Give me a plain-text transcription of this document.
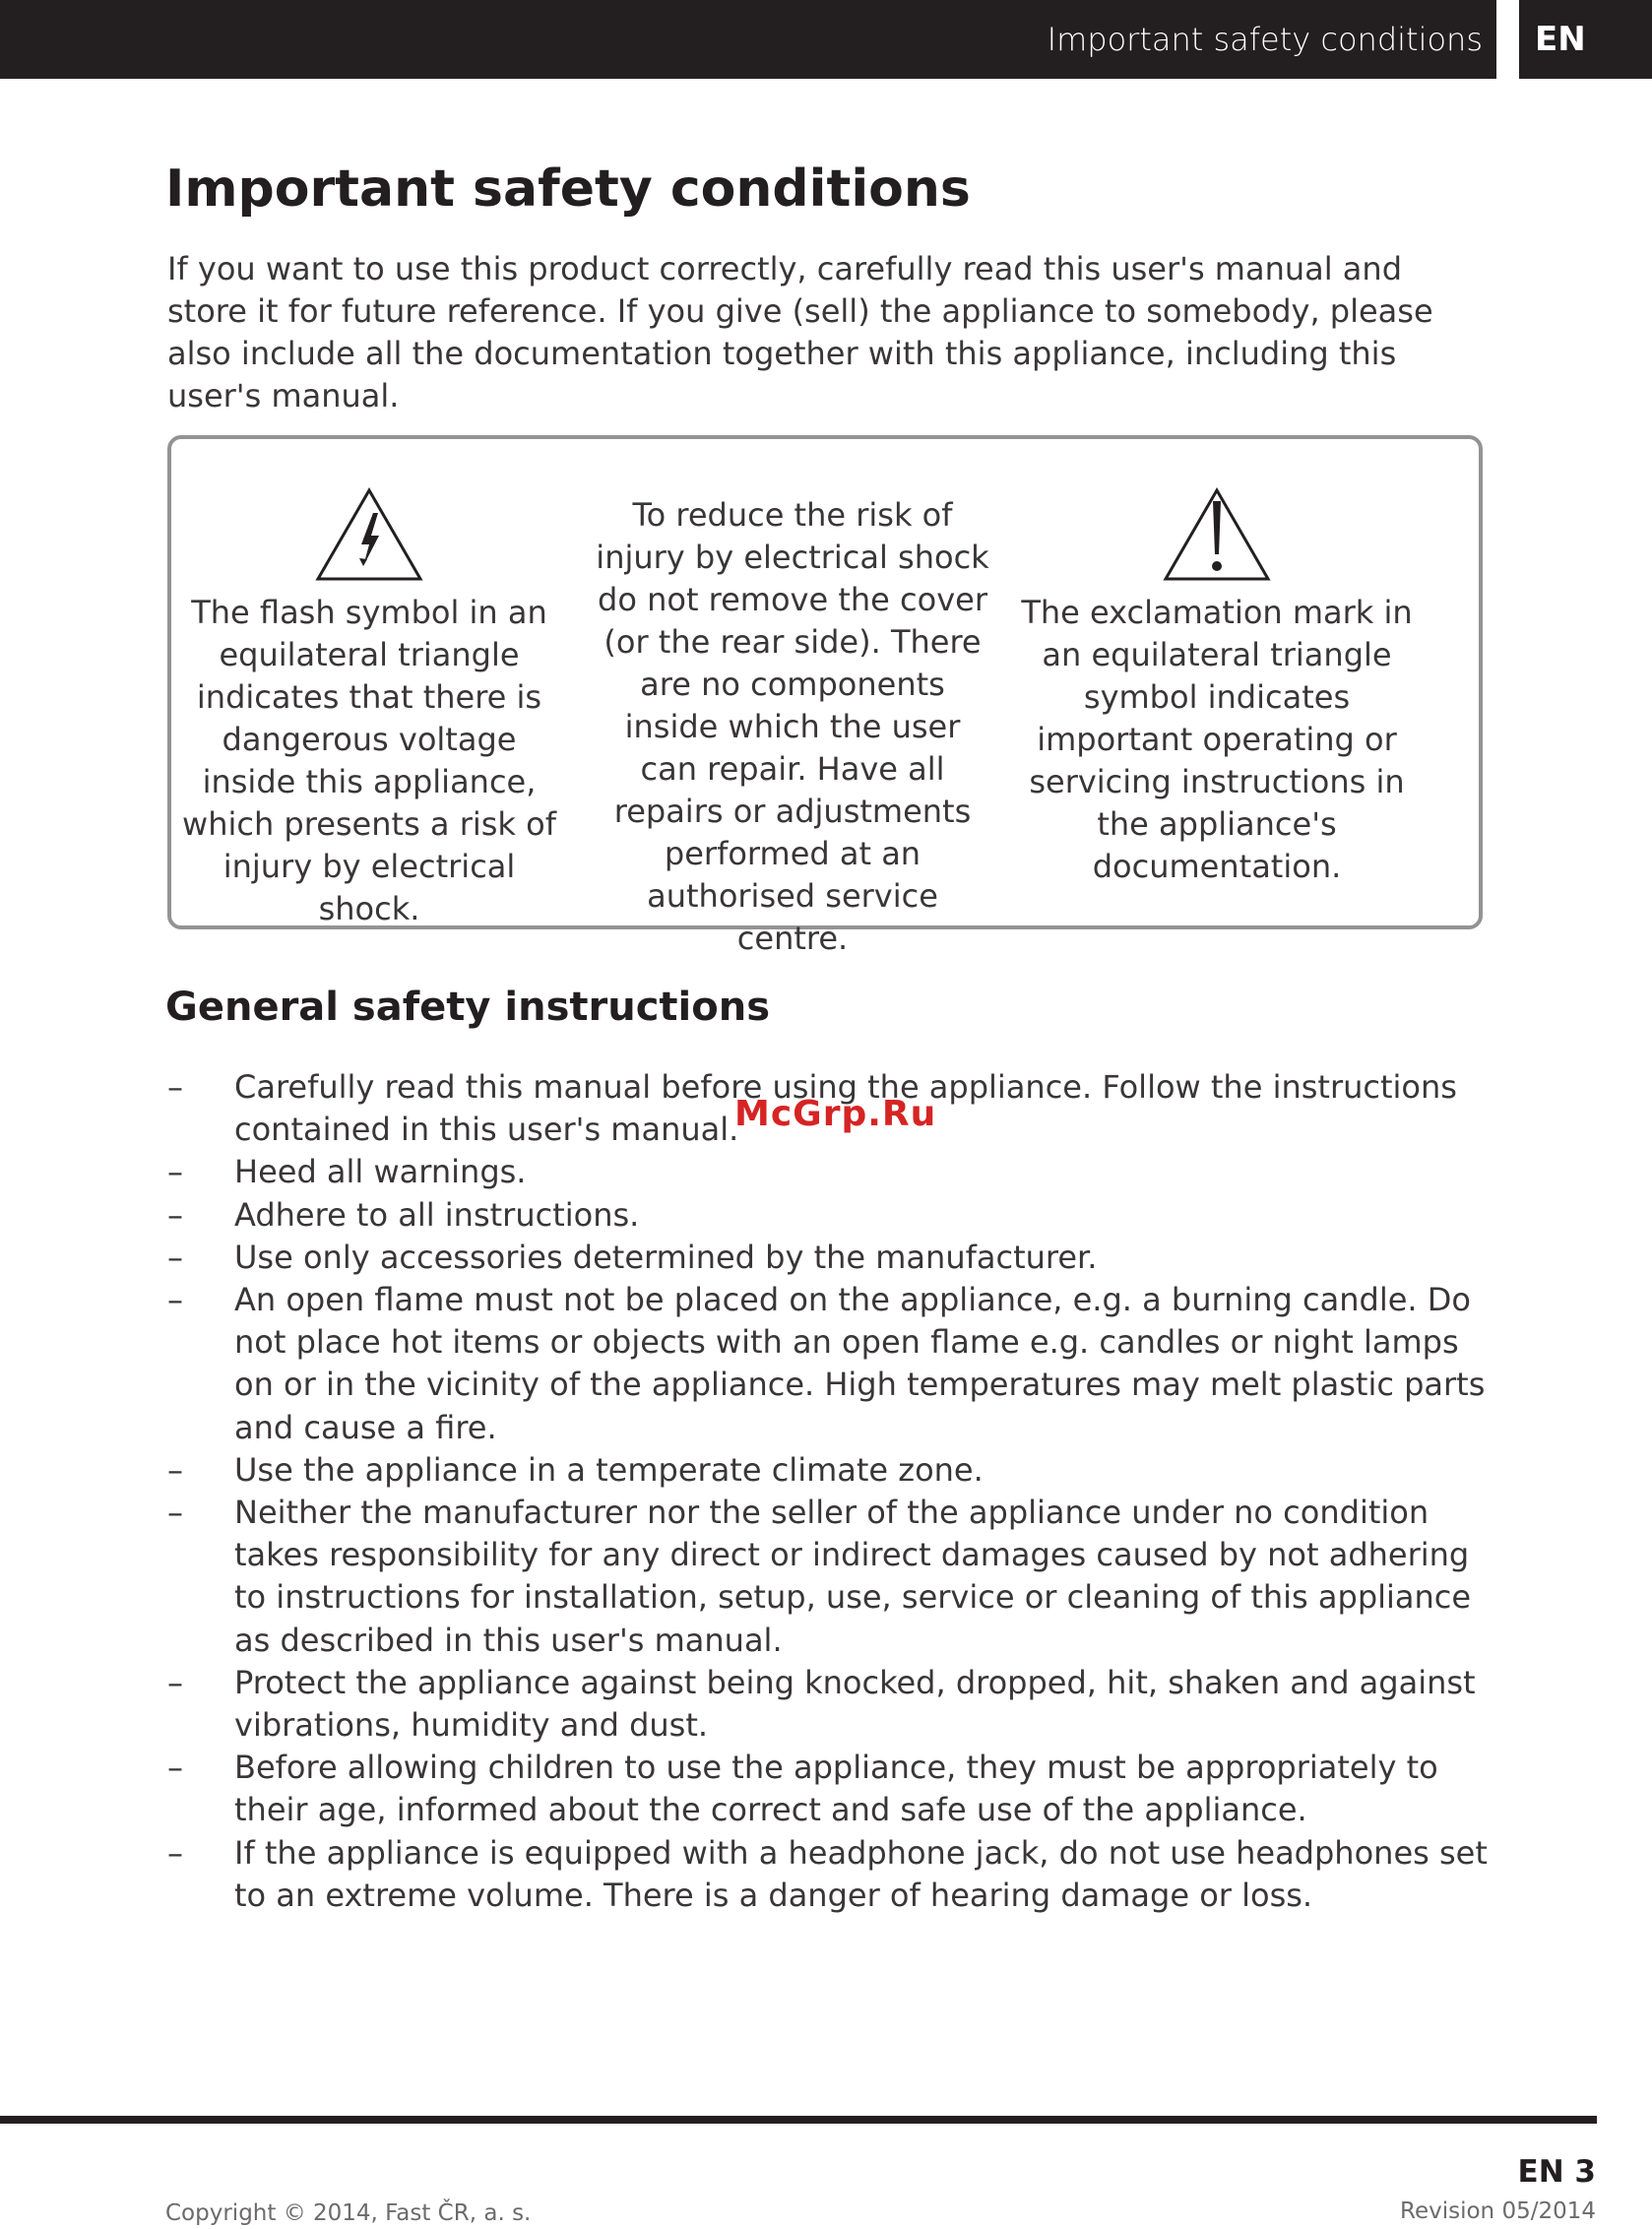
Important safety conditions EN
Important safety conditions

If you want to use this product correctly, carefully read this user's manual and store it for future reference. If you give (sell) the appliance to somebody, please also include all the documentation together with this appliance, including this user's manual.

The flash symbol in an equilateral triangle indicates that there is dangerous voltage inside this appliance, which presents a risk of injury by electrical shock.

To reduce the risk of injury by electrical shock do not remove the cover (or the rear side). There are no components inside which the user can repair. Have all repairs or adjustments performed at an authorised service centre.

The exclamation mark in an equilateral triangle symbol indicates important operating or servicing instructions in the appliance's documentation.

General safety instructions
–	Carefully read this manual before using the appliance. Follow the instructions contained in this user's manual.
–	Heed all warnings.
–	Adhere to all instructions.
–	Use only accessories determined by the manufacturer.
–	An open flame must not be placed on the appliance, e.g. a burning candle. Do not place hot items or objects with an open flame e.g. candles or night lamps on or in the vicinity of the appliance. High temperatures may melt plastic parts and cause a fire.
–	Use the appliance in a temperate climate zone.
–	Neither the manufacturer nor the seller of the appliance under no condition takes responsibility for any direct or indirect damages caused by not adhering to instructions for installation, setup, use, service or cleaning of this appliance as described in this user's manual.
–	Protect the appliance against being knocked, dropped, hit, shaken and against vibrations, humidity and dust.
–	Before allowing children to use the appliance, they must be appropriately to their age, informed about the correct and safe use of the appliance.
–	If the appliance is equipped with a headphone jack, do not use headphones set to an extreme volume. There is a danger of hearing damage or loss.
McGrp.Ru
EN 3
Copyright © 2014, Fast ČR, a. s.	Revision 05/2014
